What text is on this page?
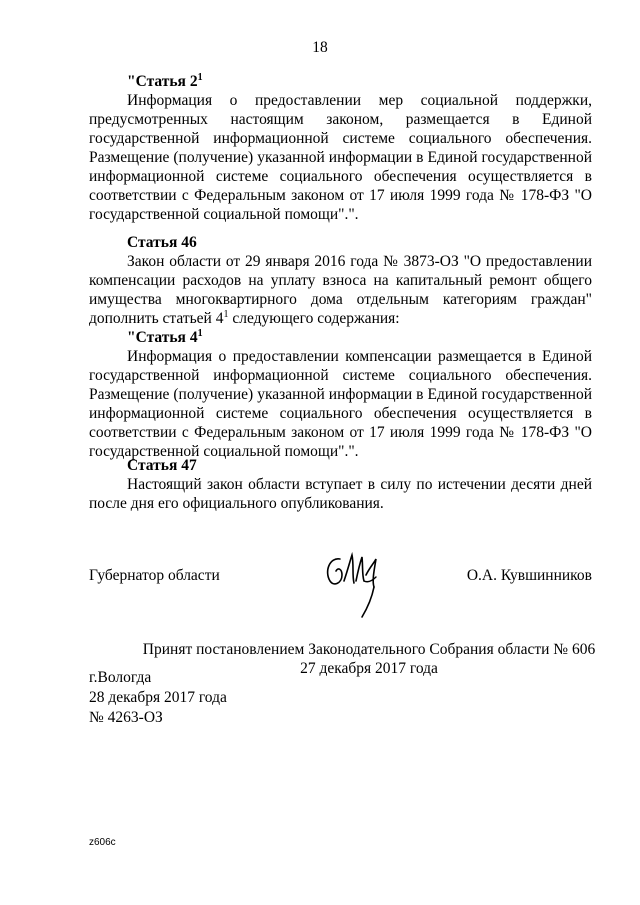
18
"Статья $2^1$

Информация о предоставлении мер социальной поддержки, предусмотренных настоящим законом, размещается в Единой государственной информационной системе социального обеспечения. Размещение (получение) указанной информации в Единой государственной информационной системе социального обеспечения осуществляется в соответствии с Федеральным законом от 17 июля 1999 года № 178-ФЗ "О государственной социальной помощи".".

Статья 46

Закон области от 29 января 2016 года № 3873-ОЗ "О предоставлении компенсации расходов на уплату взноса на капитальный ремонт общего имущества многоквартирного дома отдельным категориям граждан" дополнить статьей $4^1$ следующего содержания:

"Статья $4^1$

Информация о предоставлении компенсации размещается в Единой государственной информационной системе социального обеспечения. Размещение (получение) указанной информации в Единой государственной информационной системе социального обеспечения осуществляется в соответствии с Федеральным законом от 17 июля 1999 года № 178-ФЗ "О государственной социальной помощи".".

Статья 47

Настоящий закон области вступает в силу по истечении десяти дней после дня его официального опубликования.

Губернатор области	О.А. Кувшинников
Принят постановлением Законодательного Собрания области № 606
27 декабря 2017 года
г.Вологда
28 декабря 2017 года
№ 4263-ОЗ
z606c
